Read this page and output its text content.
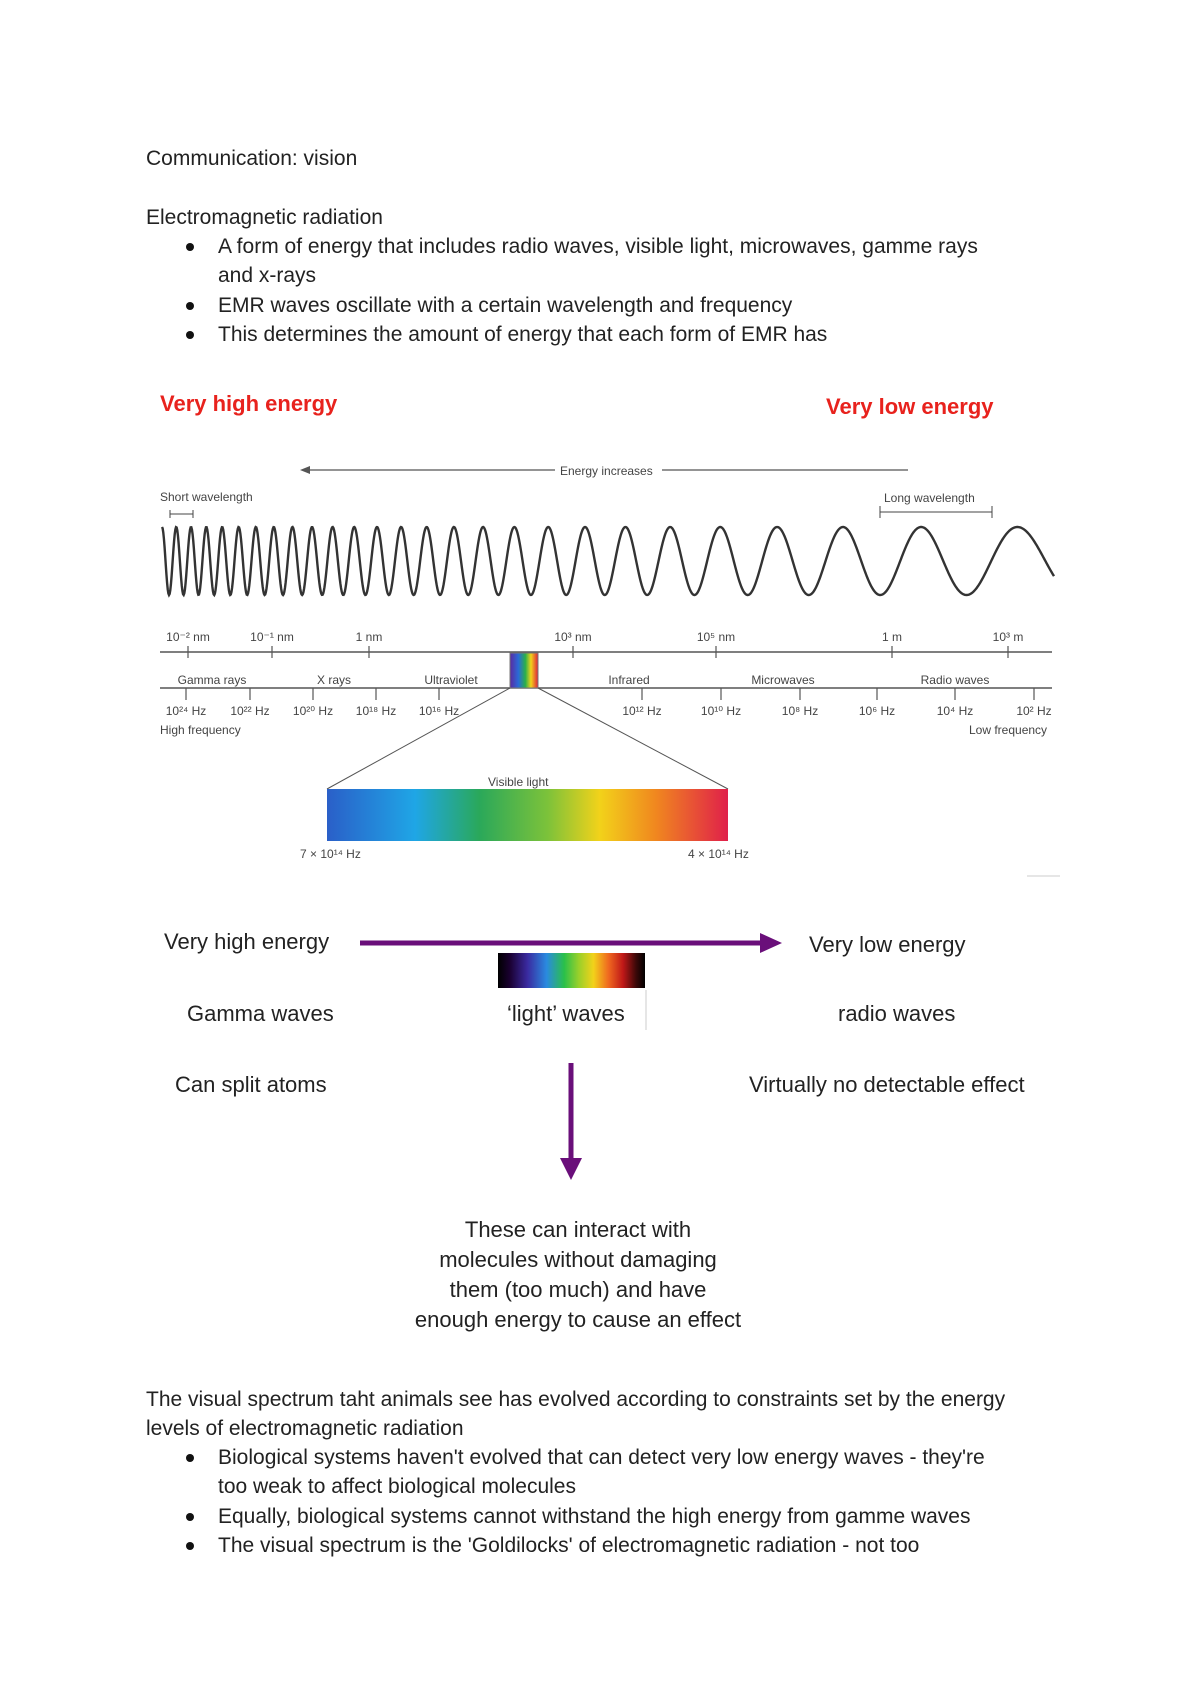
Communication: vision
Electromagnetic radiation
A form of energy that includes radio waves, visible light, microwaves, gamme rays
and x-rays
EMR waves oscillate with a certain wavelength and frequency
This determines the amount of energy that each form of EMR has
Very high energy	Very low energy
Energy increases
Short wavelength	Long wavelength
10⁻² nm	10⁻¹ nm	1 nm	10³ nm	10⁵ nm	1 m	10³ m
Gamma rays	X rays	Ultraviolet	Infrared	Microwaves	Radio waves
10²⁴ Hz 10²² Hz 10²⁰ Hz 10¹⁸ Hz 10¹⁶ Hz	10¹² Hz	10¹⁰ Hz	10⁸ Hz	10⁶ Hz	10⁴ Hz	10² Hz
High frequency	Low frequency
Visible light
7 × 10¹⁴ Hz	4 × 10¹⁴ Hz
Very high energy	Very low energy
Gamma waves	‘light’ waves	radio waves
Can split atoms	Virtually no detectable effect
These can interact with
molecules without damaging
them (too much) and have
enough energy to cause an effect
The visual spectrum taht animals see has evolved according to constraints set by the energy
levels of electromagnetic radiation
Biological systems haven't evolved that can detect very low energy waves - they're
too weak to affect biological molecules
Equally, biological systems cannot withstand the high energy from gamme waves
The visual spectrum is the 'Goldilocks' of electromagnetic radiation - not too
